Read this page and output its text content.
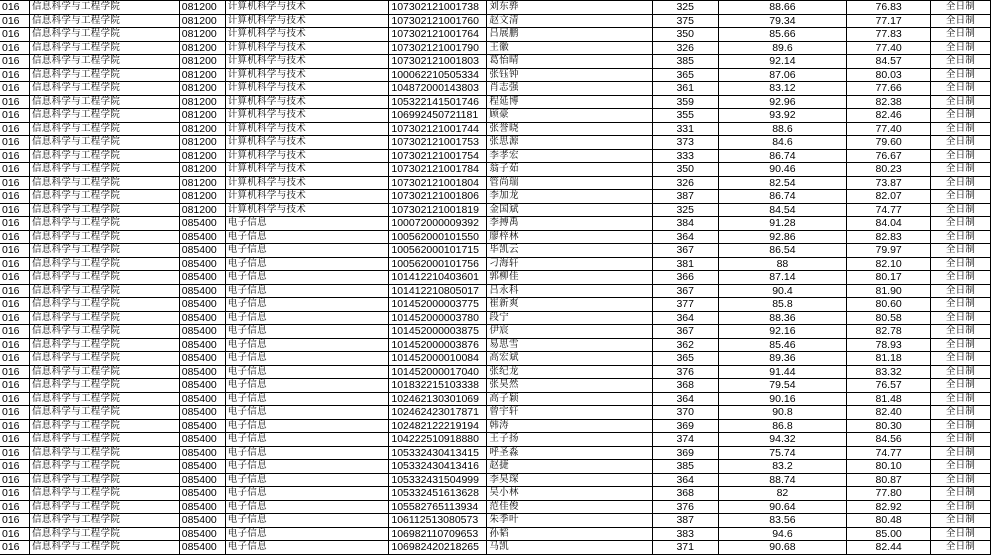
016	信息科学与工程学院	081200	计算机科学与技术	107302121001738	刘东骅	325	88.66	76.83	全日制
016	信息科学与工程学院	081200	计算机科学与技术	107302121001760	赵文清	375	79.34	77.17	全日制
016	信息科学与工程学院	081200	计算机科学与技术	107302121001764	吕展鹏	350	85.66	77.83	全日制
016	信息科学与工程学院	081200	计算机科学与技术	107302121001790	王徽	326	89.6	77.40	全日制
016	信息科学与工程学院	081200	计算机科学与技术	107302121001803	葛怡晴	385	92.14	84.57	全日制
016	信息科学与工程学院	081200	计算机科学与技术	100062210505334	张钰钟	365	87.06	80.03	全日制
016	信息科学与工程学院	081200	计算机科学与技术	104872000143803	肖志强	361	83.12	77.66	全日制
016	信息科学与工程学院	081200	计算机科学与技术	105322141501746	程延博	359	92.96	82.38	全日制
016	信息科学与工程学院	081200	计算机科学与技术	106992450721181	顾豪	355	93.92	82.46	全日制
016	信息科学与工程学院	081200	计算机科学与技术	107302121001744	张誉晓	331	88.6	77.40	全日制
016	信息科学与工程学院	081200	计算机科学与技术	107302121001753	张思源	373	84.6	79.60	全日制
016	信息科学与工程学院	081200	计算机科学与技术	107302121001754	李孝宏	333	86.74	76.67	全日制
016	信息科学与工程学院	081200	计算机科学与技术	107302121001784	翁子茹	350	90.46	80.23	全日制
016	信息科学与工程学院	081200	计算机科学与技术	107302121001804	管尚瑞	326	82.54	73.87	全日制
016	信息科学与工程学院	081200	计算机科学与技术	107302121001806	李加龙	387	86.74	82.07	全日制
016	信息科学与工程学院	081200	计算机科学与技术	107302121001819	金国斌	325	84.54	74.77	全日制
016	信息科学与工程学院	085400	电子信息	100072000009392	李搏禹	384	91.28	84.04	全日制
016	信息科学与工程学院	085400	电子信息	100562000101550	廖梓林	364	92.86	82.83	全日制
016	信息科学与工程学院	085400	电子信息	100562000101715	毕凯云	367	86.54	79.97	全日制
016	信息科学与工程学院	085400	电子信息	100562000101756	刁海轩	381	88	82.10	全日制
016	信息科学与工程学院	085400	电子信息	101412210403601	郭柳佳	366	87.14	80.17	全日制
016	信息科学与工程学院	085400	电子信息	101412210805017	吕永科	367	90.4	81.90	全日制
016	信息科学与工程学院	085400	电子信息	101452000003775	崔新爽	377	85.8	80.60	全日制
016	信息科学与工程学院	085400	电子信息	101452000003780	段宁	364	88.36	80.58	全日制
016	信息科学与工程学院	085400	电子信息	101452000003875	伊宸	367	92.16	82.78	全日制
016	信息科学与工程学院	085400	电子信息	101452000003876	易思雪	362	85.46	78.93	全日制
016	信息科学与工程学院	085400	电子信息	101452000010084	高宏斌	365	89.36	81.18	全日制
016	信息科学与工程学院	085400	电子信息	101452000017040	张纪龙	376	91.44	83.32	全日制
016	信息科学与工程学院	085400	电子信息	101832215103338	张昊然	368	79.54	76.57	全日制
016	信息科学与工程学院	085400	电子信息	102462130301069	高子颖	364	90.16	81.48	全日制
016	信息科学与工程学院	085400	电子信息	102462423017871	曾宇轩	370	90.8	82.40	全日制
016	信息科学与工程学院	085400	电子信息	102482122219194	韩涛	369	86.8	80.30	全日制
016	信息科学与工程学院	085400	电子信息	104222510918880	王子扬	374	94.32	84.56	全日制
016	信息科学与工程学院	085400	电子信息	105332430413415	呼圣淼	369	75.74	74.77	全日制
016	信息科学与工程学院	085400	电子信息	105332430413416	赵捷	385	83.2	80.10	全日制
016	信息科学与工程学院	085400	电子信息	105332431504999	李昊琛	364	88.74	80.87	全日制
016	信息科学与工程学院	085400	电子信息	105332451613628	吴小林	368	82	77.80	全日制
016	信息科学与工程学院	085400	电子信息	105582765113934	范佳俊	376	90.64	82.92	全日制
016	信息科学与工程学院	085400	电子信息	106112513080573	朱季叶	387	83.56	80.48	全日制
016	信息科学与工程学院	085400	电子信息	106982110709653	孙韬	383	94.6	85.00	全日制
016	信息科学与工程学院	085400	电子信息	106982420218265	马凯	371	90.68	82.44	全日制
